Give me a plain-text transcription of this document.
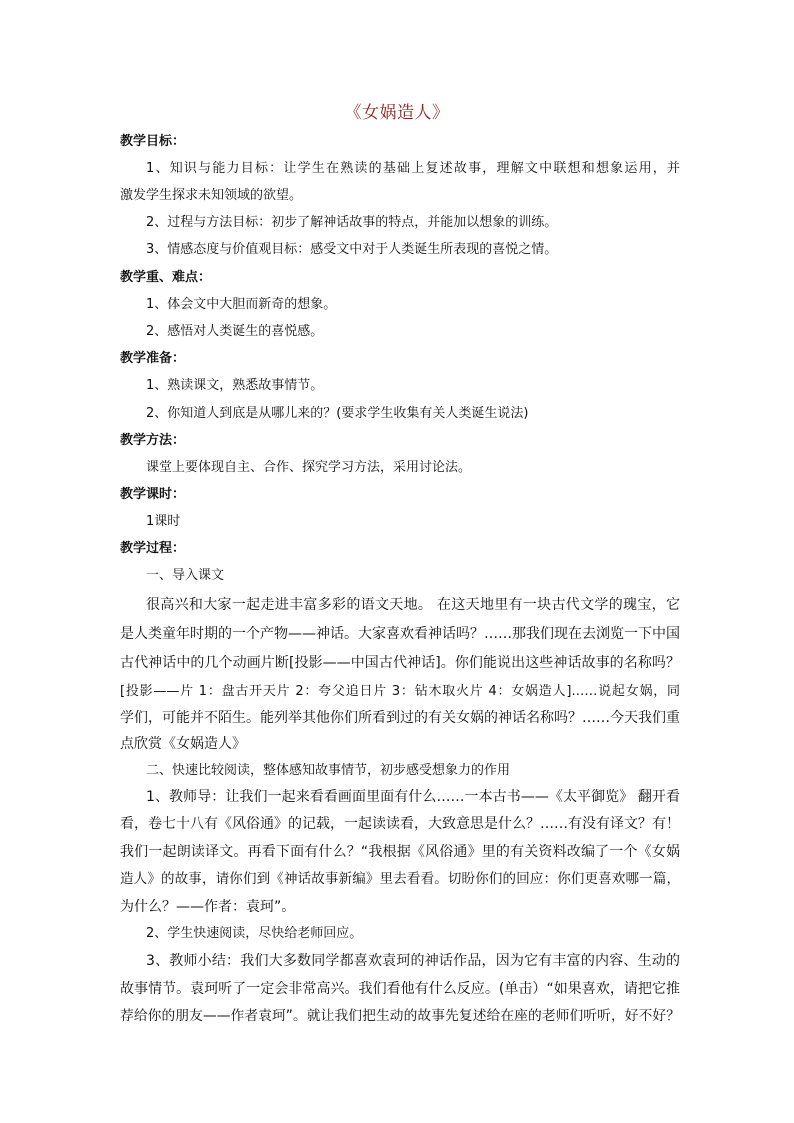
《女娲造人》
教学目标：
1、知识与能力目标：让学生在熟读的基础上复述故事，理解文中联想和想象运用，并
激发学生探求未知领域的欲望。
2、过程与方法目标：初步了解神话故事的特点，并能加以想象的训练。
3、情感态度与价值观目标：感受文中对于人类诞生所表现的喜悦之情。
教学重、难点：
1、体会文中大胆而新奇的想象。
2、感悟对人类诞生的喜悦感。
教学准备：
1、熟读课文，熟悉故事情节。
2、你知道人到底是从哪儿来的？(要求学生收集有关人类诞生说法)
教学方法：
课堂上要体现自主、合作、探究学习方法，采用讨论法。
教学课时：
1课时
教学过程：
一、导入课文
很高兴和大家一起走进丰富多彩的语文天地。 在这天地里有一块古代文学的瑰宝，它
是人类童年时期的一个产物——神话。大家喜欢看神话吗？……那我们现在去浏览一下中国
古代神话中的几个动画片断[投影——中国古代神话]。你们能说出这些神话故事的名称吗？
[投影——片 1：盘古开天片 2：夸父追日片 3：钻木取火片 4：女娲造人]……说起女娲，同
学们，可能并不陌生。能列举其他你们所看到过的有关女娲的神话名称吗？……今天我们重
点欣赏《女娲造人》
二、快速比较阅读，整体感知故事情节，初步感受想象力的作用
1、教师导：让我们一起来看看画面里面有什么……一本古书——《太平御览》 翻开看
看，卷七十八有《风俗通》的记载，一起读读看，大致意思是什么？……有没有译文？有！
我们一起朗读译文。再看下面有什么？“我根据《风俗通》里的有关资料改编了一个《女娲
造人》的故事，请你们到《神话故事新编》里去看看。切盼你们的回应：你们更喜欢哪一篇，
为什么？——作者：袁珂”。
2、学生快速阅读，尽快给老师回应。
3、教师小结：我们大多数同学都喜欢袁珂的神话作品，因为它有丰富的内容、生动的
故事情节。袁珂听了一定会非常高兴。我们看他有什么反应。(单击）“如果喜欢，请把它推
荐给你的朋友——作者袁珂”。就让我们把生动的故事先复述给在座的老师们听听，好不好？
